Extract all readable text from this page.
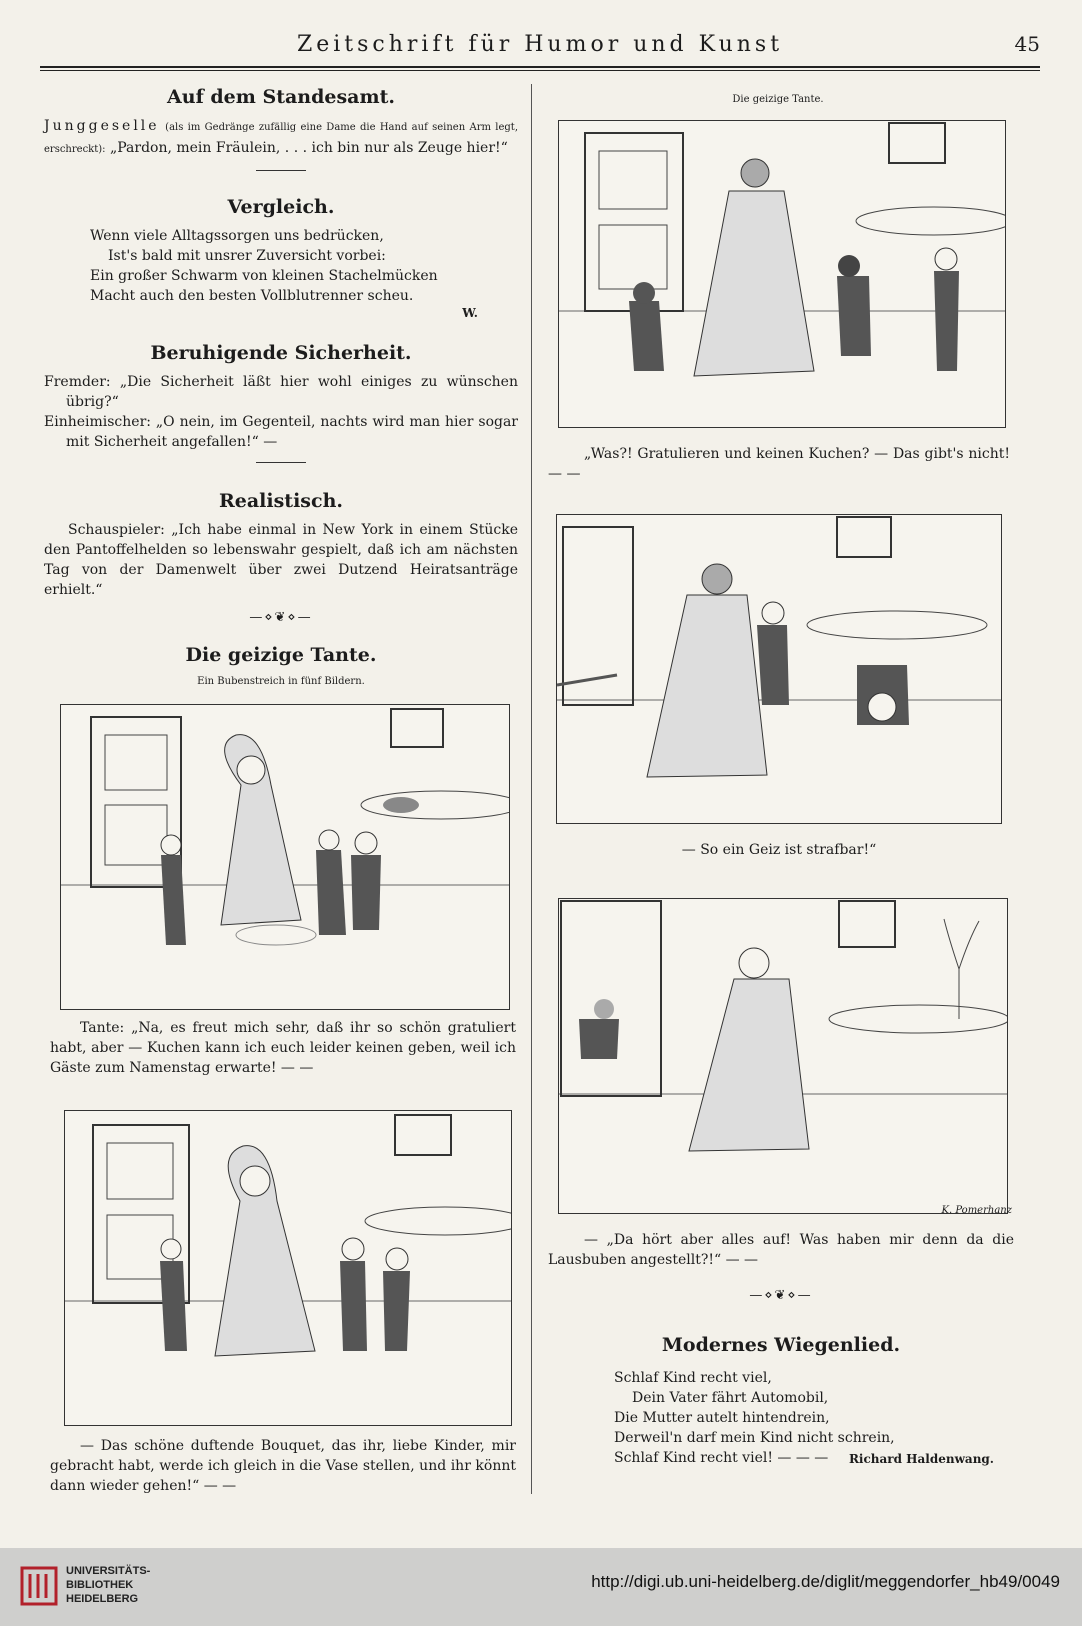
Zeitschrift für Humor und Kunst	45

Auf dem Standesamt.

Junggeselle (als im Gedränge zufällig eine Dame die Hand auf seinen Arm legt, erschreckt): „Pardon, mein Fräulein, . . . ich bin nur als Zeuge hier!“

Vergleich.

Wenn viele Alltagssorgen uns bedrücken,

Ist's bald mit unsrer Zuversicht vorbei:

Ein großer Schwarm von kleinen Stachelmücken

Macht auch den besten Vollblutrenner scheu.

W.

Beruhigende Sicherheit.

Fremder: „Die Sicherheit läßt hier wohl einiges zu wünschen übrig?“

Einheimischer: „O nein, im Gegenteil, nachts wird man hier sogar mit Sicherheit angefallen!“ —

Realistisch.

Schauspieler: „Ich habe einmal in New York in einem Stücke den Pantoffelhelden so lebenswahr gespielt, daß ich am nächsten Tag von der Damenwelt über zwei Dutzend Heiratsanträge erhielt.“

—⋄❦⋄—

Die geizige Tante.

Ein Bubenstreich in fünf Bildern.

Tante: „Na, es freut mich sehr, daß ihr so schön gratuliert habt, aber — Kuchen kann ich euch leider keinen geben, weil ich Gäste zum Namenstag erwarte! — —

— Das schöne duftende Bouquet, das ihr, liebe Kinder, mir gebracht habt, werde ich gleich in die Vase stellen, und ihr könnt dann wieder gehen!“ — —

Die geizige Tante.

„Was?! Gratulieren und keinen Kuchen? — Das gibt's nicht! — —

— So ein Geiz ist strafbar!“

K. Pomerhanz

— „Da hört aber alles auf! Was haben mir denn da die Lausbuben angestellt?!“ — —

—⋄❦⋄—

Modernes Wiegenlied.

Schlaf Kind recht viel,

Dein Vater fährt Automobil,

Die Mutter autelt hintendrein,

Derweil'n darf mein Kind nicht schrein,

Schlaf Kind recht viel! — — —	Richard Haldenwang.
UNIVERSITÄTS-
BIBLIOTHEK
HEIDELBERG
http://digi.ub.uni-heidelberg.de/diglit/meggendorfer_hb49/0049
